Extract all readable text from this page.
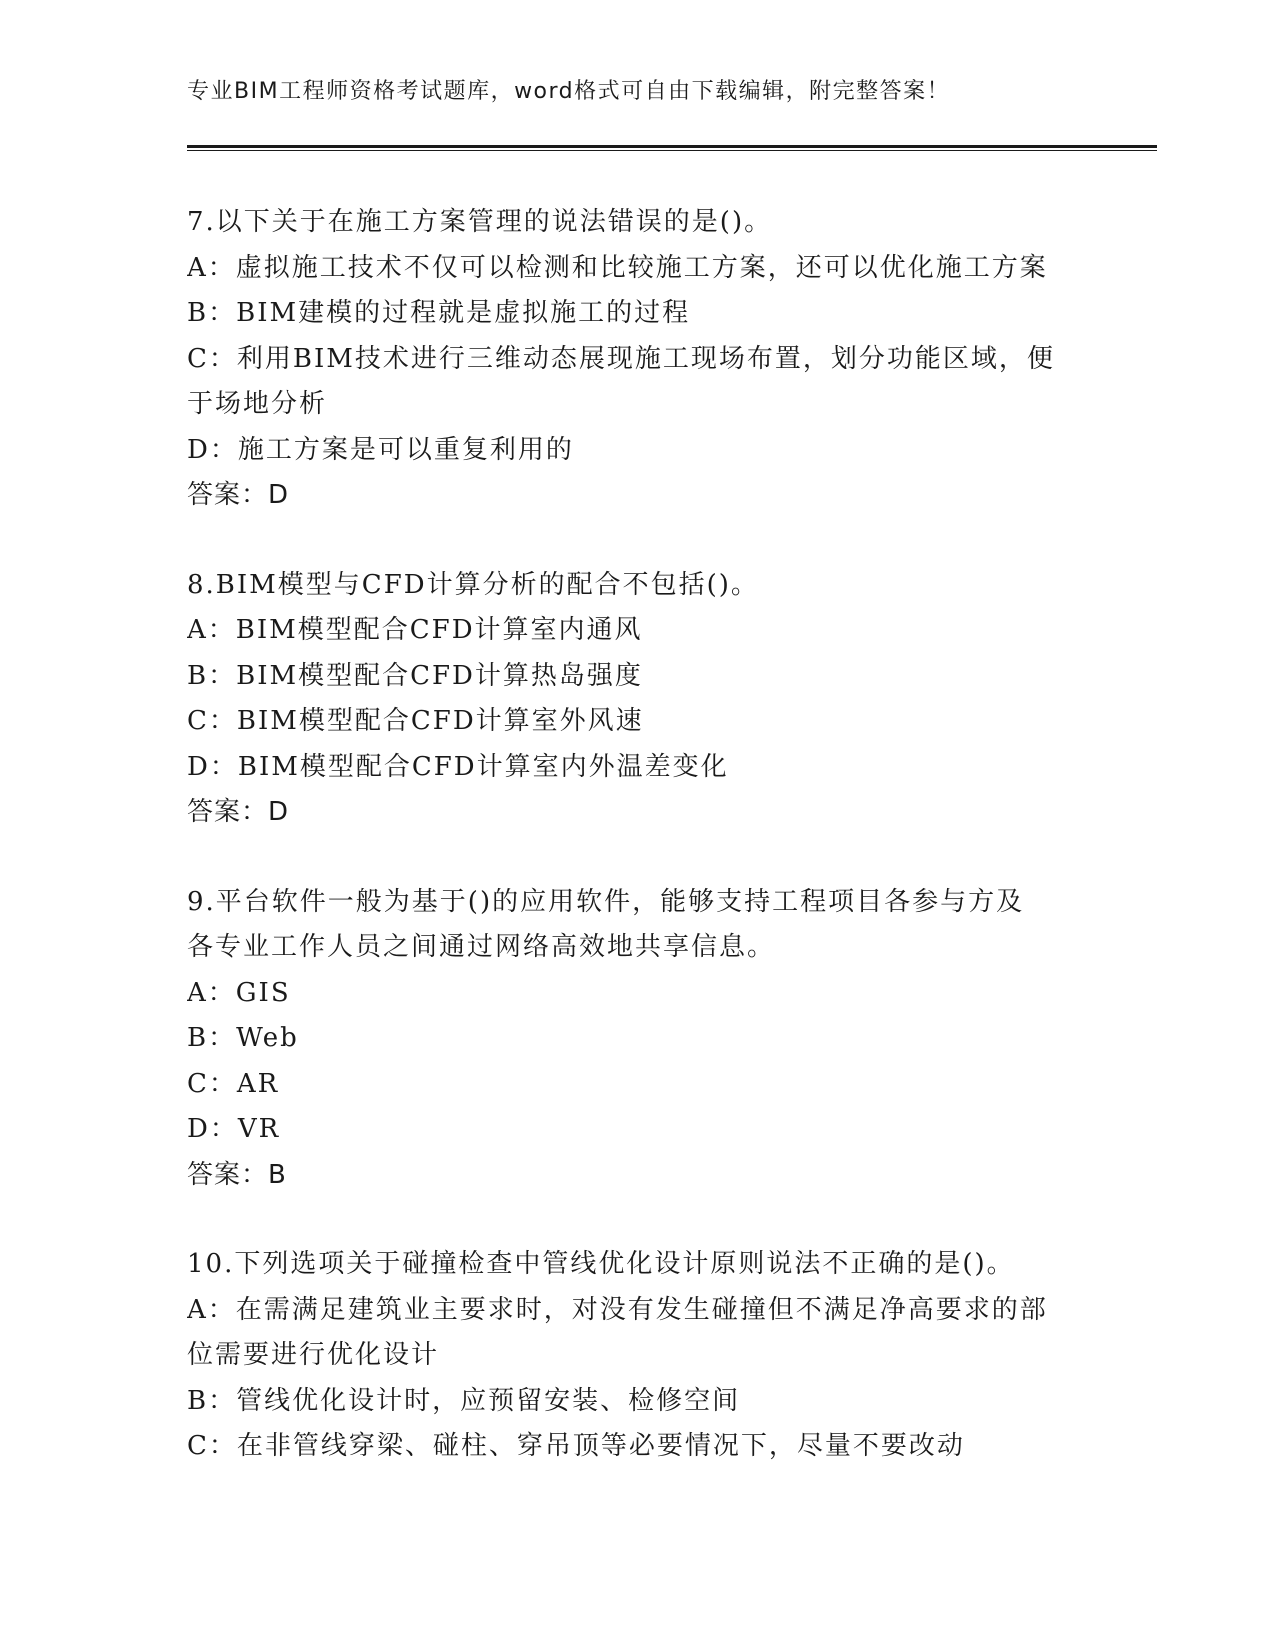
专业BIM工程师资格考试题库，word格式可自由下载编辑，附完整答案！
7.以下关于在施工方案管理的说法错误的是()。
A：虚拟施工技术不仅可以检测和比较施工方案，还可以优化施工方案
B：BIM建模的过程就是虚拟施工的过程
C：利用BIM技术进行三维动态展现施工现场布置，划分功能区域，便
于场地分析
D：施工方案是可以重复利用的
答案：D
8.BIM模型与CFD计算分析的配合不包括()。
A：BIM模型配合CFD计算室内通风
B：BIM模型配合CFD计算热岛强度
C：BIM模型配合CFD计算室外风速
D：BIM模型配合CFD计算室内外温差变化
答案：D
9.平台软件一般为基于()的应用软件，能够支持工程项目各参与方及
各专业工作人员之间通过网络高效地共享信息。
A：GIS
B：Web
C：AR
D：VR
答案：B
10.下列选项关于碰撞检查中管线优化设计原则说法不正确的是()。
A：在需满足建筑业主要求时，对没有发生碰撞但不满足净高要求的部
位需要进行优化设计
B：管线优化设计时，应预留安装、检修空间
C：在非管线穿梁、碰柱、穿吊顶等必要情况下，尽量不要改动
